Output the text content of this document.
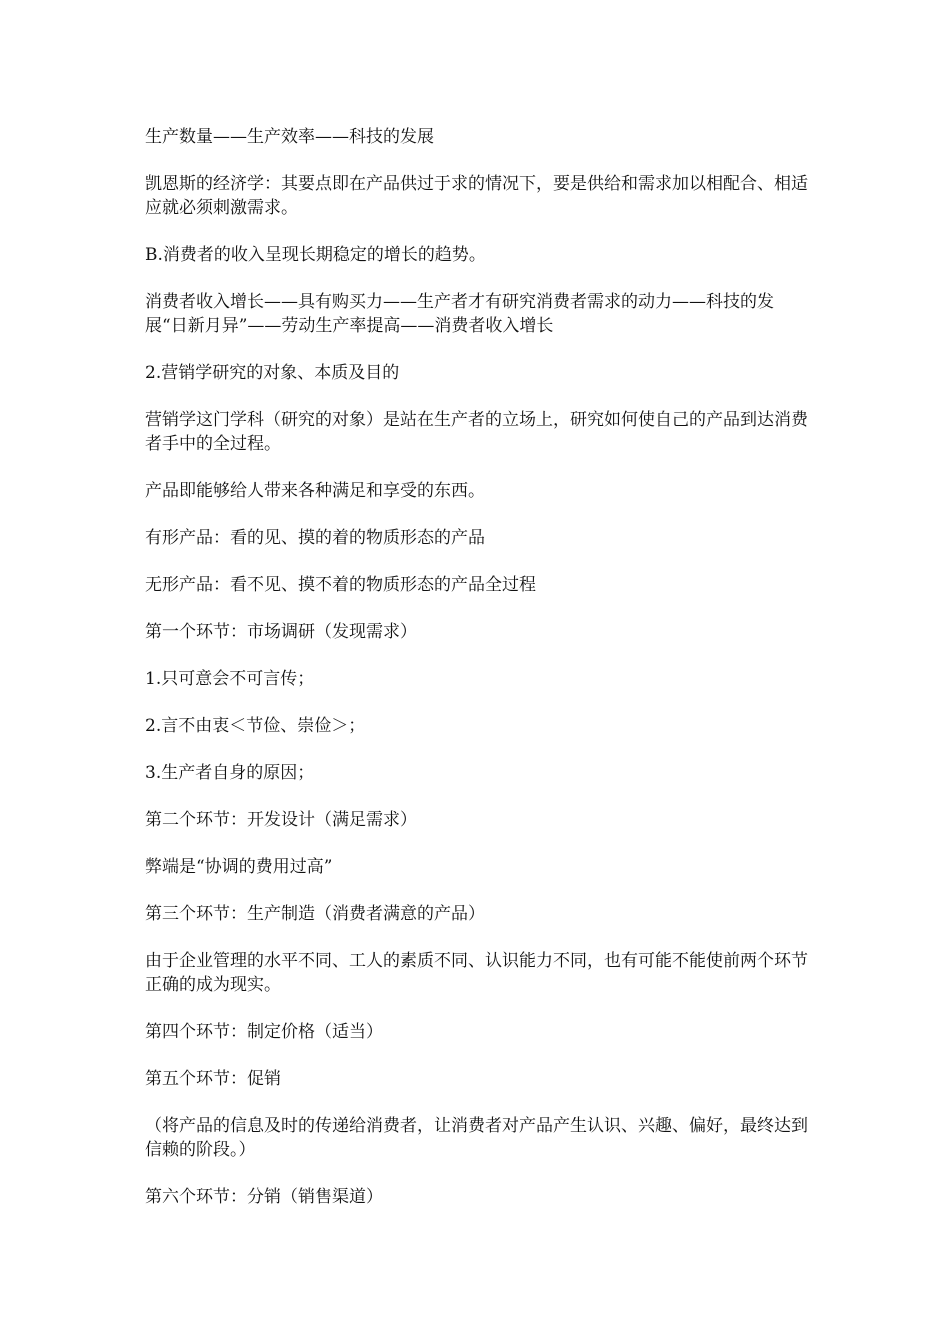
生产数量——生产效率——科技的发展

凯恩斯的经济学：其要点即在产品供过于求的情况下，要是供给和需求加以相配合、相适应就必须刺激需求。

B.消费者的收入呈现长期稳定的增长的趋势。

消费者收入增长——具有购买力——生产者才有研究消费者需求的动力——科技的发展“日新月异”——劳动生产率提高——消费者收入增长

2.营销学研究的对象、本质及目的

营销学这门学科（研究的对象）是站在生产者的立场上，研究如何使自己的产品到达消费者手中的全过程。

产品即能够给人带来各种满足和享受的东西。

有形产品：看的见、摸的着的物质形态的产品

无形产品：看不见、摸不着的物质形态的产品全过程

第一个环节：市场调研（发现需求）

1.只可意会不可言传；

2.言不由衷＜节俭、崇俭＞；

3.生产者自身的原因；

第二个环节：开发设计（满足需求）

弊端是“协调的费用过高”

第三个环节：生产制造（消费者满意的产品）

由于企业管理的水平不同、工人的素质不同、认识能力不同，也有可能不能使前两个环节正确的成为现实。

第四个环节：制定价格（适当）

第五个环节：促销

（将产品的信息及时的传递给消费者，让消费者对产品产生认识、兴趣、偏好，最终达到信赖的阶段。）

第六个环节：分销（销售渠道）
